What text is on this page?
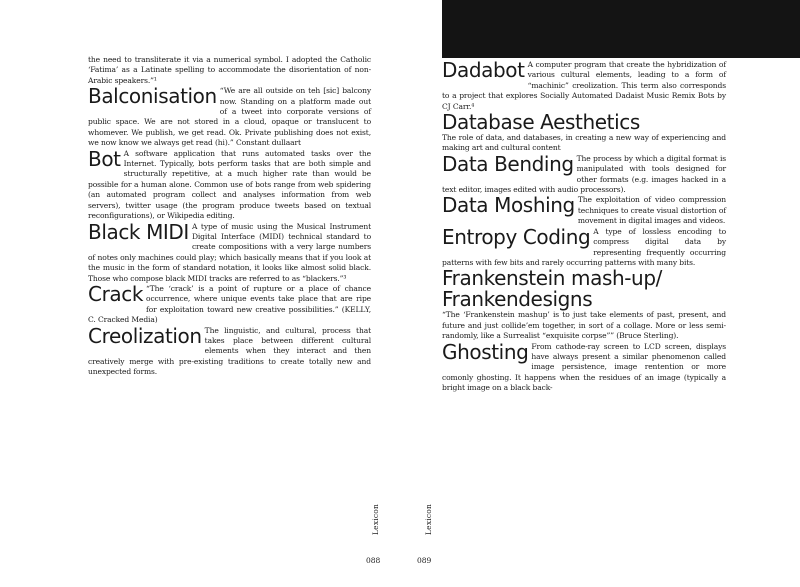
the need to transliterate it via a numerical symbol. I adopted the Catholic ‘Fatima’ as a Latinate spelling to accommodate the disorientation of non-Arabic speakers.”¹

Balconisation “We are all outside on teh [sic] balcony now. Standing on a platform made out of a tweet into corporate versions of public space. We are not stored in a cloud, opaque or translucent to whomever. We publish, we get read. Ok. Private publishing does not exist, we now know we always get read (hi).” Constant dullaart
Bot A software application that runs automated tasks over the Internet. Typically, bots perform tasks that are both simple and structurally repetitive, at a much higher rate than would be possible for a human alone. Common use of bots range from web spidering (an automated program collect and analyses information from web servers), twitter usage (the program produce tweets based on textual reconfigurations), or Wikipedia editing.
Black MIDI A type of music using the Musical Instrument Digital Interface (MIDI) technical standard to create compositions with a very large numbers of notes only machines could play; which basically means that if you look at the music in the form of standard notation, it looks like almost solid black. Those who compose black MIDI tracks are referred to as “blackers.”³
Crack “The ‘crack’ is a point of rupture or a place of chance occurrence, where unique events take place that are ripe for exploitation toward new creative possibilities.” (KELLY, C. Cracked Media)
Creolization The linguistic, and cultural, process that takes place between different cultural elements when they interact and then creatively merge with pre-existing traditions to create totally new and unexpected forms.
Dadabot A computer program that create the hybridization of various cultural elements, leading to a form of “machinic” creolization. This term also corresponds to a project that explores Socially Automated Dadaist Music Remix Bots by CJ Carr.⁴
Database Aesthetics
The role of data, and databases, in creating a new way of experiencing and making art and cultural content
Data Bending The process by which a digital format is manipulated with tools designed for other formats (e.g. images hacked in a text editor, images edited with audio processors).
Data Moshing The exploitation of video compression techniques to create visual distortion of movement in digital images and videos.
Entropy Coding A type of lossless encoding to compress digital data by representing frequently occurring patterns with few bits and rarely occurring patterns with many bits.
Frankenstein mash-up/ Frankendesigns
“The ‘Frankenstein mashup’ is to just take elements of past, present, and future and just collide’em together, in sort of a collage. More or less semi-randomly, like a Surrealist “exquisite corpse”” (Bruce Sterling).
Ghosting From cathode-ray screen to LCD screen, displays have always present a similar phenomenon called image persistence, image rentention or more comonly ghosting. It happens when the residues of an image (typically a bright image on a black back-
Lexicon	Lexicon
088	089
